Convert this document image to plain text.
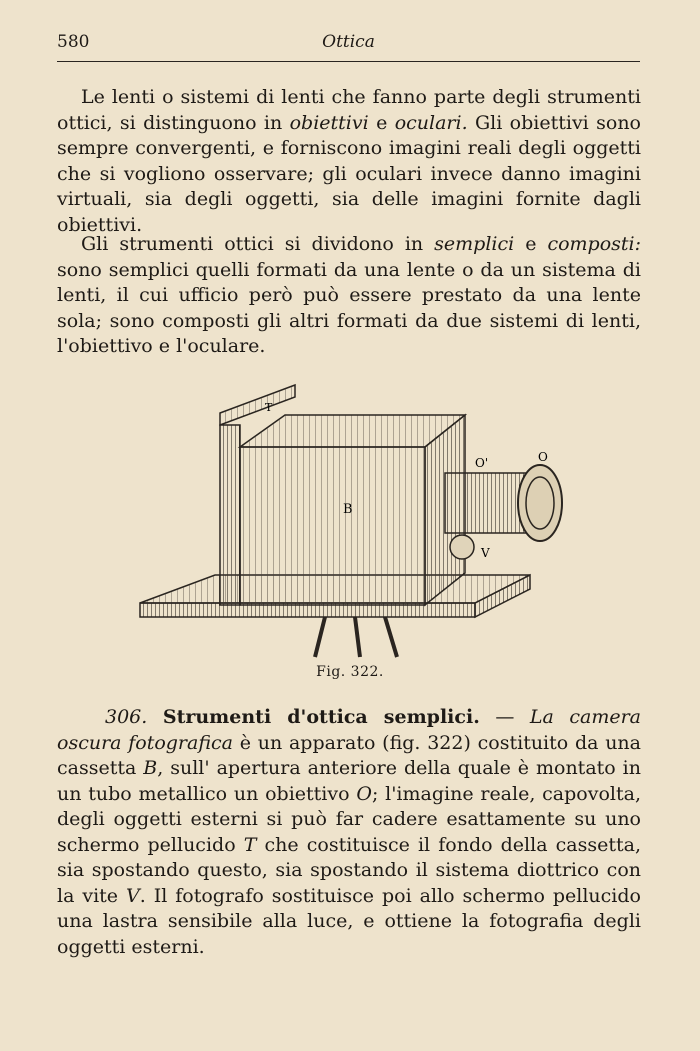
580	Ottica

Le lenti o sistemi di lenti che fanno parte degli strumenti ottici, si distinguono in obiettivi e oculari. Gli obiettivi sono sempre convergenti, e forniscono imagini reali degli oggetti che si vogliono osservare; gli oculari invece danno imagini virtuali, sia degli oggetti, sia delle imagini fornite dagli obiettivi.

Gli strumenti ottici si dividono in semplici e composti: sono semplici quelli formati da una lente o da un sistema di lenti, il cui ufficio però può essere prestato da una lente sola; sono composti gli altri formati da due sistemi di lenti, l'obiettivo e l'oculare.

B
O'	O
V
T
Fig. 322.

306. Strumenti d'ottica semplici. — La camera oscura fotografica è un apparato (fig. 322) costituito da una cassetta B, sull' apertura anteriore della quale è montato in un tubo metallico un obiettivo O; l'imagine reale, capovolta, degli oggetti esterni si può far cadere esattamente su uno schermo pellucido T che costituisce il fondo della cassetta, sia spostando questo, sia spostando il sistema diottrico con la vite V. Il fotografo sostituisce poi allo schermo pellucido una lastra sensibile alla luce, e ottiene la fotografia degli oggetti esterni.
